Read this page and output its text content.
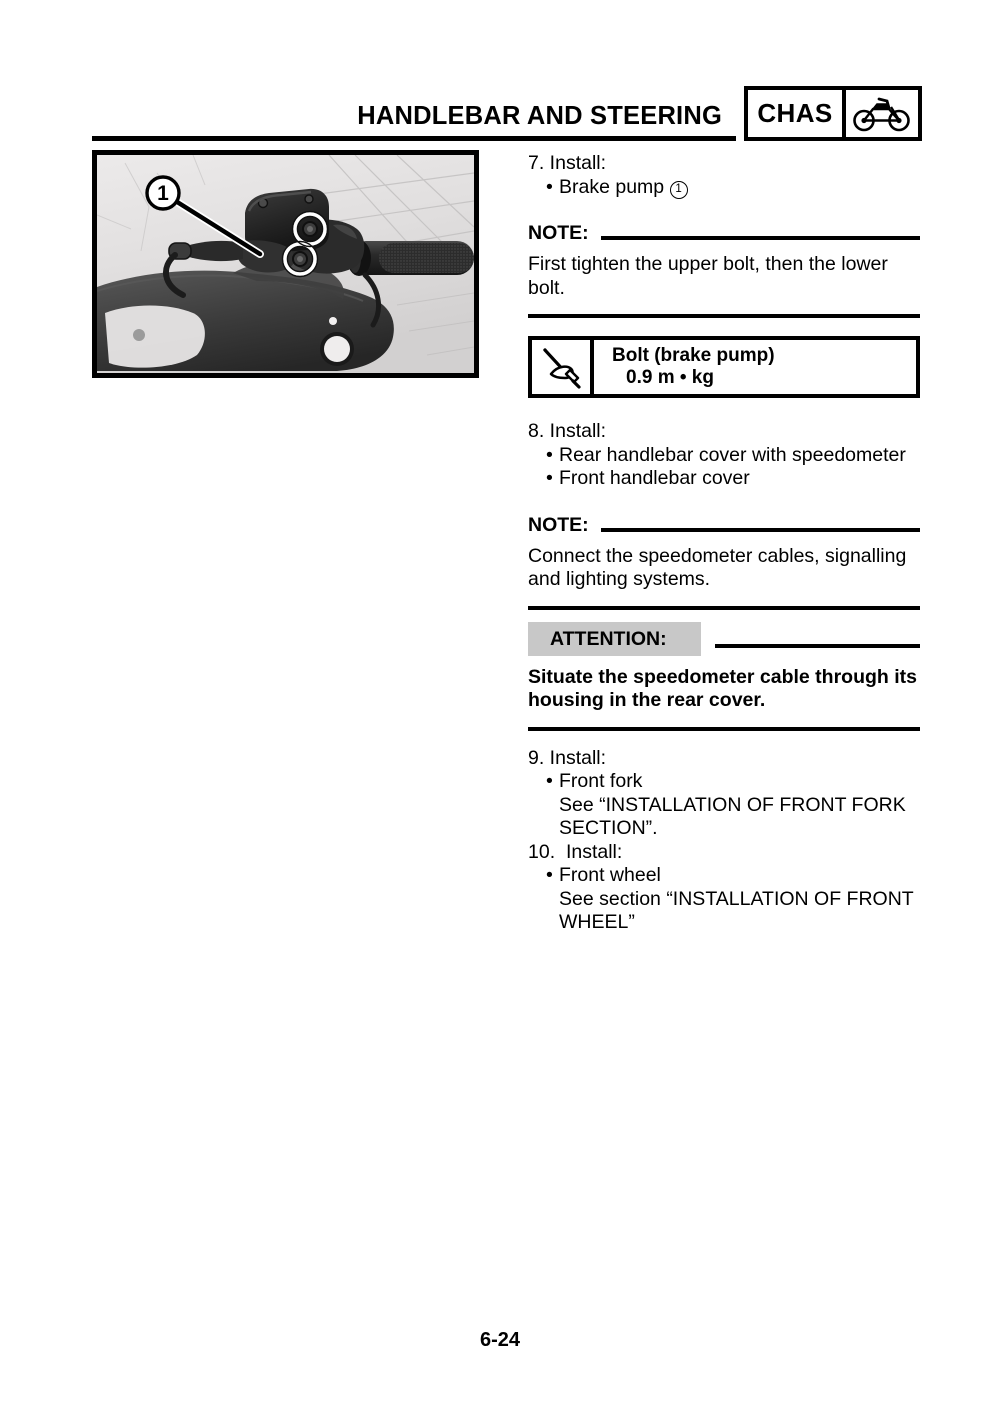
HANDLEBAR AND STEERING	CHAS
1
7. Install:
• Brake pump 1
NOTE:
First tighten the upper bolt, then the lower
bolt.
Bolt (brake pump)
0.9 m • kg
8. Install:
• Rear handlebar cover with speedometer
• Front handlebar cover
NOTE:
Connect the speedometer cables, signalling
and lighting systems.
ATTENTION:
Situate the speedometer cable through its
housing in the rear cover.
9. Install:
• Front fork
See “INSTALLATION OF FRONT FORK
SECTION”.
10.  Install:
• Front wheel
See section “INSTALLATION OF FRONT
WHEEL”
6-24
